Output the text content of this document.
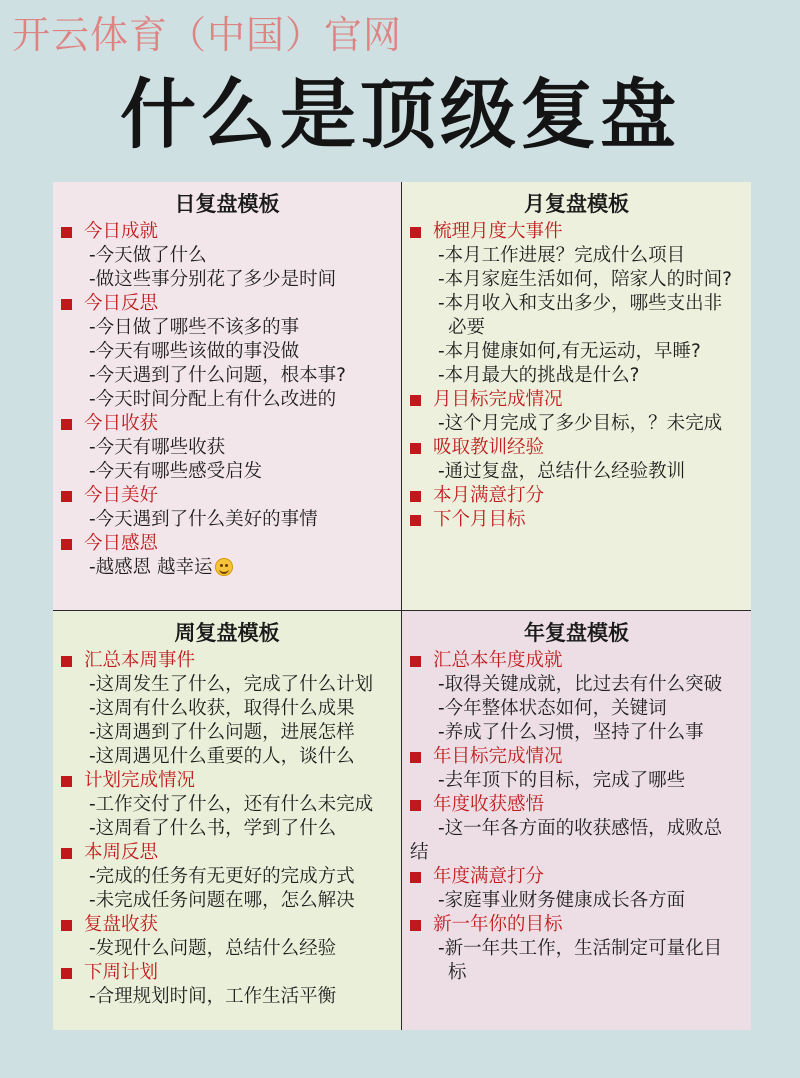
开云体育（中国）官网
什么是顶级复盘
日复盘模板
今日成就
-今天做了什么
-做这些事分别花了多少是时间
今日反思
-今日做了哪些不该多的事
-今天有哪些该做的事没做
-今天遇到了什么问题，根本事?
-今天时间分配上有什么改进的
今日收获
-今天有哪些收获
-今天有哪些感受启发
今日美好
-今天遇到了什么美好的事情
今日感恩
-越感恩 越幸运
月复盘模板
梳理月度大事件
-本月工作进展？完成什么项目
-本月家庭生活如何，陪家人的时间?
-本月收入和支出多少，哪些支出非
必要
-本月健康如何,有无运动，早睡?
-本月最大的挑战是什么?
月目标完成情况
-这个月完成了多少目标，？未完成
吸取教训经验
-通过复盘，总结什么经验教训
本月满意打分
下个月目标
周复盘模板
汇总本周事件
-这周发生了什么，完成了什么计划
-这周有什么收获，取得什么成果
-这周遇到了什么问题，进展怎样
-这周遇见什么重要的人，谈什么
计划完成情况
-工作交付了什么，还有什么未完成
-这周看了什么书，学到了什么
本周反思
-完成的任务有无更好的完成方式
-未完成任务问题在哪，怎么解决
复盘收获
-发现什么问题，总结什么经验
下周计划
-合理规划时间，工作生活平衡
年复盘模板
汇总本年度成就
-取得关键成就，比过去有什么突破
-今年整体状态如何，关键词
-养成了什么习惯，坚持了什么事
年目标完成情况
-去年顶下的目标，完成了哪些
年度收获感悟
-这一年各方面的收获感悟，成败总
结
年度满意打分
-家庭事业财务健康成长各方面
新一年你的目标
-新一年共工作，生活制定可量化目
标
